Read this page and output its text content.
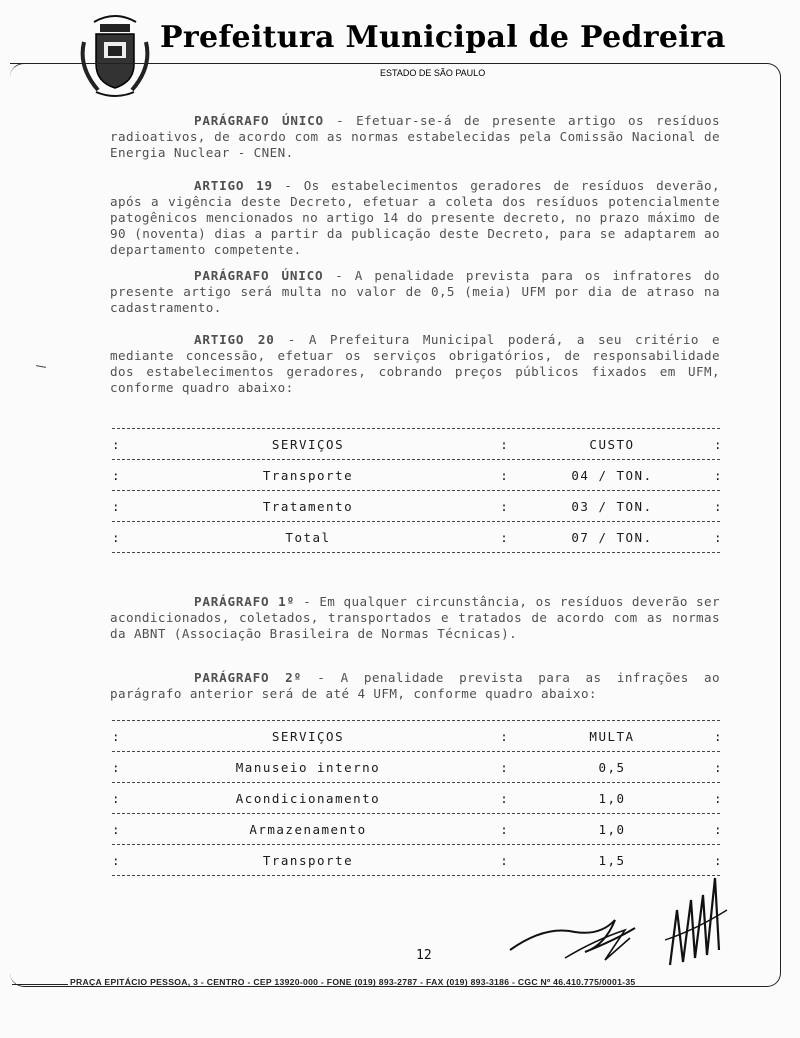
Prefeitura Municipal de Pedreira
ESTADO DE SÃO PAULO
PARÁGRAFO ÚNICO - Efetuar-se-á de presente artigo os resíduos radioativos, de acordo com as normas estabelecidas pela Comissão Nacional de Energia Nuclear - CNEN.
ARTIGO 19 - Os estabelecimentos geradores de resíduos deverão, após a vigência deste Decreto, efetuar a coleta dos resíduos potencialmente patogênicos mencionados no artigo 14 do presente decreto, no prazo máximo de 90 (noventa) dias a partir da publicação deste Decreto, para se adaptarem ao departamento competente.
PARÁGRAFO ÚNICO - A penalidade prevista para os infratores do presente artigo será multa no valor de 0,5 (meia) UFM por dia de atraso na cadastramento.
ARTIGO 20 - A Prefeitura Municipal poderá, a seu critério e mediante concessão, efetuar os serviços obrigatórios, de responsabilidade dos estabelecimentos geradores, cobrando preços públicos fixados em UFM, conforme quadro abaixo:
:	SERVIÇOS	:	CUSTO	:
:	Transporte	:	04 / TON.	:
:	Tratamento	:	03 / TON.	:
:	Total	:	07 / TON.	:
PARÁGRAFO 1º - Em qualquer circunstância, os resíduos deverão ser acondicionados, coletados, transportados e tratados de acordo com as normas da ABNT (Associação Brasileira de Normas Técnicas).
PARÁGRAFO 2º - A penalidade prevista para as infrações ao parágrafo anterior será de até 4 UFM, conforme quadro abaixo:
:	SERVIÇOS	:	MULTA	:
:	Manuseio interno	:	0,5	:
:	Acondicionamento	:	1,0	:
:	Armazenamento	:	1,0	:
:	Transporte	:	1,5	:
12
PRAÇA EPITÁCIO PESSOA, 3 - CENTRO - CEP 13920-000 - FONE (019) 893-2787 - FAX (019) 893-3186 - CGC Nº 46.410.775/0001-35
